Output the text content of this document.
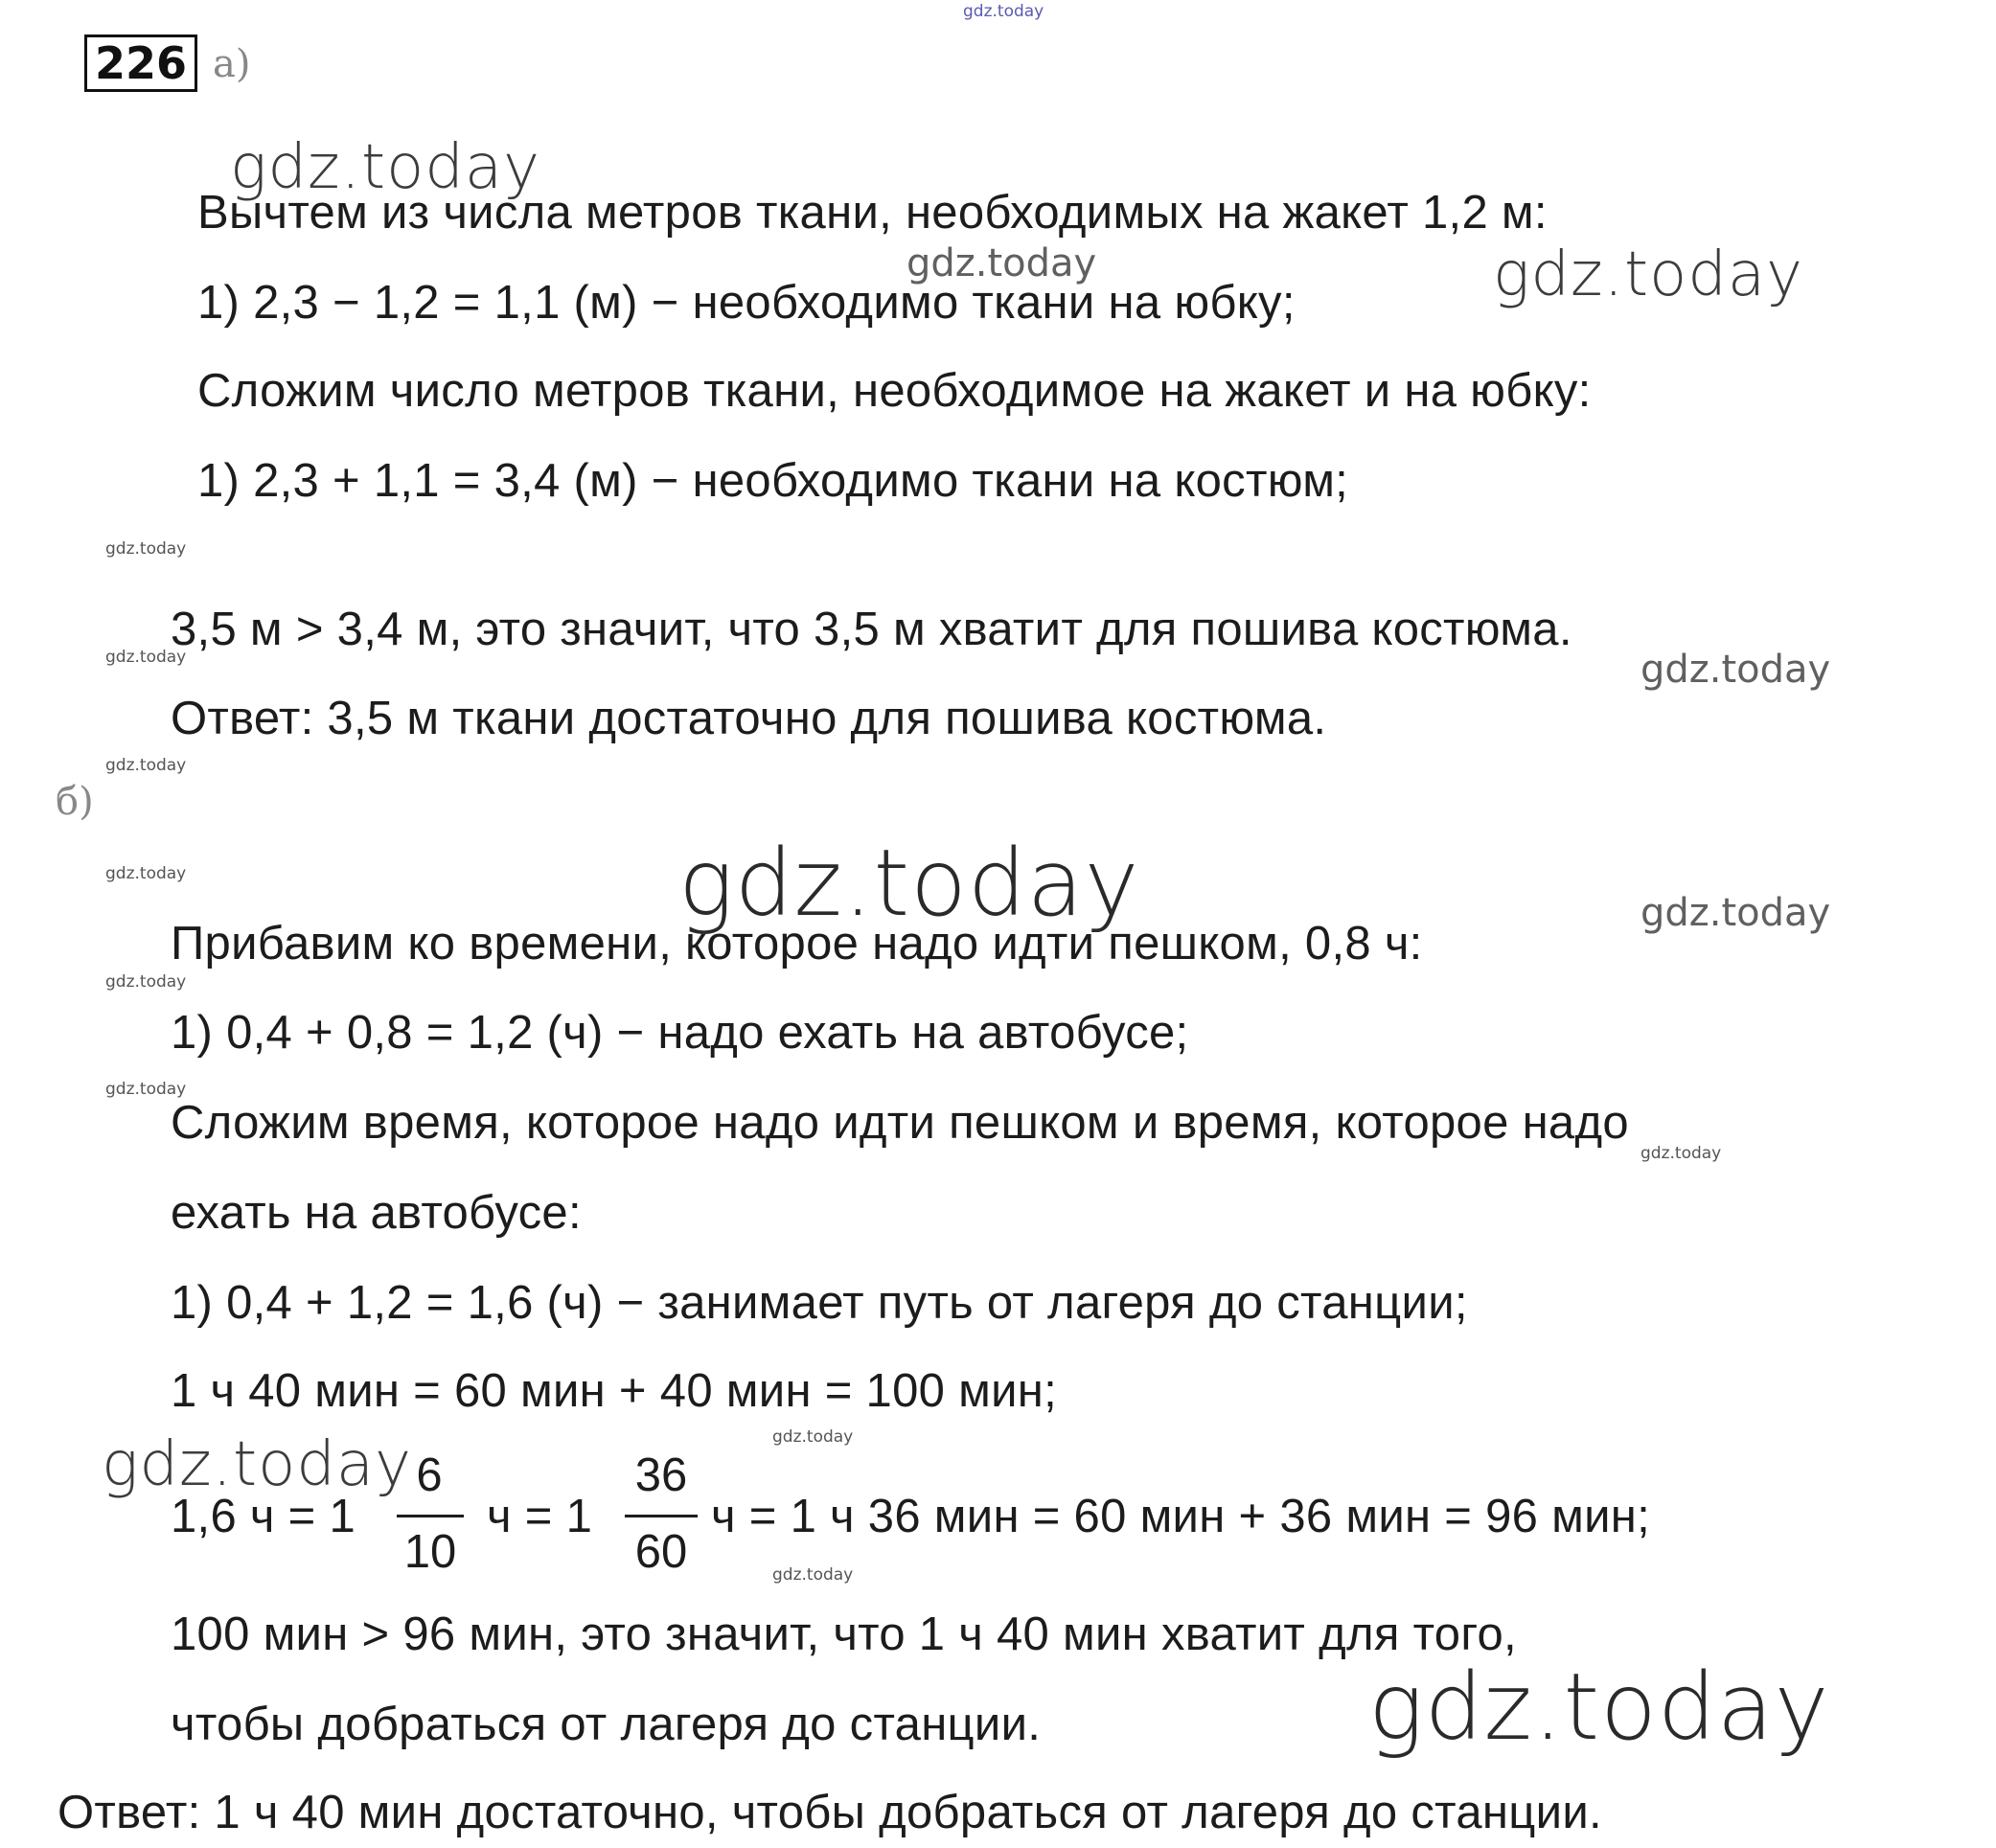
226 а)
gdz.today
Вычтем из числа метров ткани, необходимых на жакет 1,2 м:
1) 2,3 − 1,2 = 1,1 (м) − необходимо ткани на юбку;
Сложим число метров ткани, необходимое на жакет и на юбку:
1) 2,3 + 1,1 = 3,4 (м) − необходимо ткани на костюм;
3,5 м > 3,4 м, это значит, что 3,5 м хватит для пошива костюма.
Ответ: 3,5 м ткани достаточно для пошива костюма.
б)
Прибавим ко времени, которое надо идти пешком, 0,8 ч:
1) 0,4 + 0,8 = 1,2 (ч) − надо ехать на автобусе;
Сложим время, которое надо идти пешком и время, которое надо
ехать на автобусе:
1) 0,4 + 1,2 = 1,6 (ч) − занимает путь от лагеря до станции;
1 ч 40 мин = 60 мин + 40 мин = 100 мин;
1,6 ч = 1
6
10
ч = 1
36
60
ч = 1 ч 36 мин = 60 мин + 36 мин = 96 мин;
100 мин > 96 мин, это значит, что 1 ч 40 мин хватит для того,
чтобы добраться от лагеря до станции.
Ответ: 1 ч 40 мин достаточно, чтобы добраться от лагеря до станции.
gdz.today
gdz.today	gdz.today
gdz.today
gdz.today	gdz.today
gdz.today
gdz.today
gdz.today
gdz.today
gdz.today
gdz.today
gdz.today
gdz.today
gdz.today
gdz.today
gdz.today
